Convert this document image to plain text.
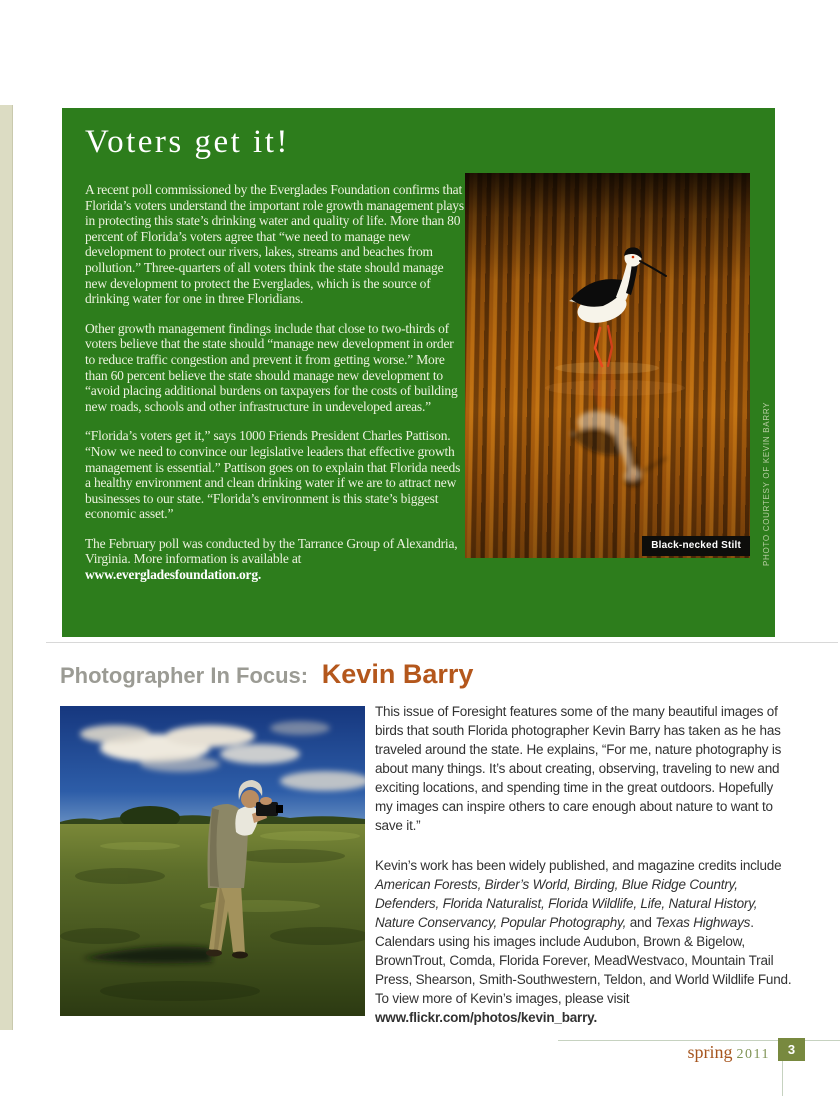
Voters get it!

A recent poll commissioned by the Everglades Foundation confirms that Florida’s voters understand the important role growth management plays in protecting this state’s drinking water and quality of life. More than 80 percent of Florida’s voters agree that “we need to manage new development to protect our rivers, lakes, streams and beaches from pollution.” Three-quarters of all voters think the state should manage new development to protect the Everglades, which is the source of drinking water for one in three Floridians.

Other growth management findings include that close to two-thirds of voters believe that the state should “manage new development in order to reduce traffic congestion and prevent it from getting worse.” More than 60 percent believe the state should manage new development to “avoid placing additional burdens on taxpayers for the costs of building new roads, schools and other infrastructure in undeveloped areas.”

“Florida’s voters get it,” says 1000 Friends President Charles Pattison. “Now we need to convince our legislative leaders that effective growth management is essential.” Pattison goes on to explain that Florida needs a healthy environment and clean drinking water if we are to attract new businesses to our state. “Florida’s environment is this state’s biggest economic asset.”

The February poll was conducted by the Tarrance Group of Alexandria, Virginia. More information is available at www.evergladesfoundation.org.

Black-necked Stilt	PHOTO COURTESY OF KEVIN BARRY
Photographer In Focus: Kevin Barry

This issue of Foresight features some of the many beautiful images of birds that south Florida photographer Kevin Barry has taken as he has traveled around the state. He explains, “For me, nature photography is about many things. It’s about creating, observing, traveling to new and exciting locations, and spending time in the great outdoors. Hopefully my images can inspire others to care enough about nature to want to save it.”

Kevin’s work has been widely published, and magazine credits include American Forests, Birder’s World, Birding, Blue Ridge Country, Defenders, Florida Naturalist, Florida Wildlife, Life, Natural History, Nature Conservancy, Popular Photography, and Texas Highways. Calendars using his images include Audubon, Brown & Bigelow, BrownTrout, Comda, Florida Forever, MeadWestvaco, Mountain Trail Press, Shearson, Smith-Southwestern, Teldon, and World Wildlife Fund. To view more of Kevin’s images, please visit www.flickr.com/photos/kevin_barry.

spring 2011	3
